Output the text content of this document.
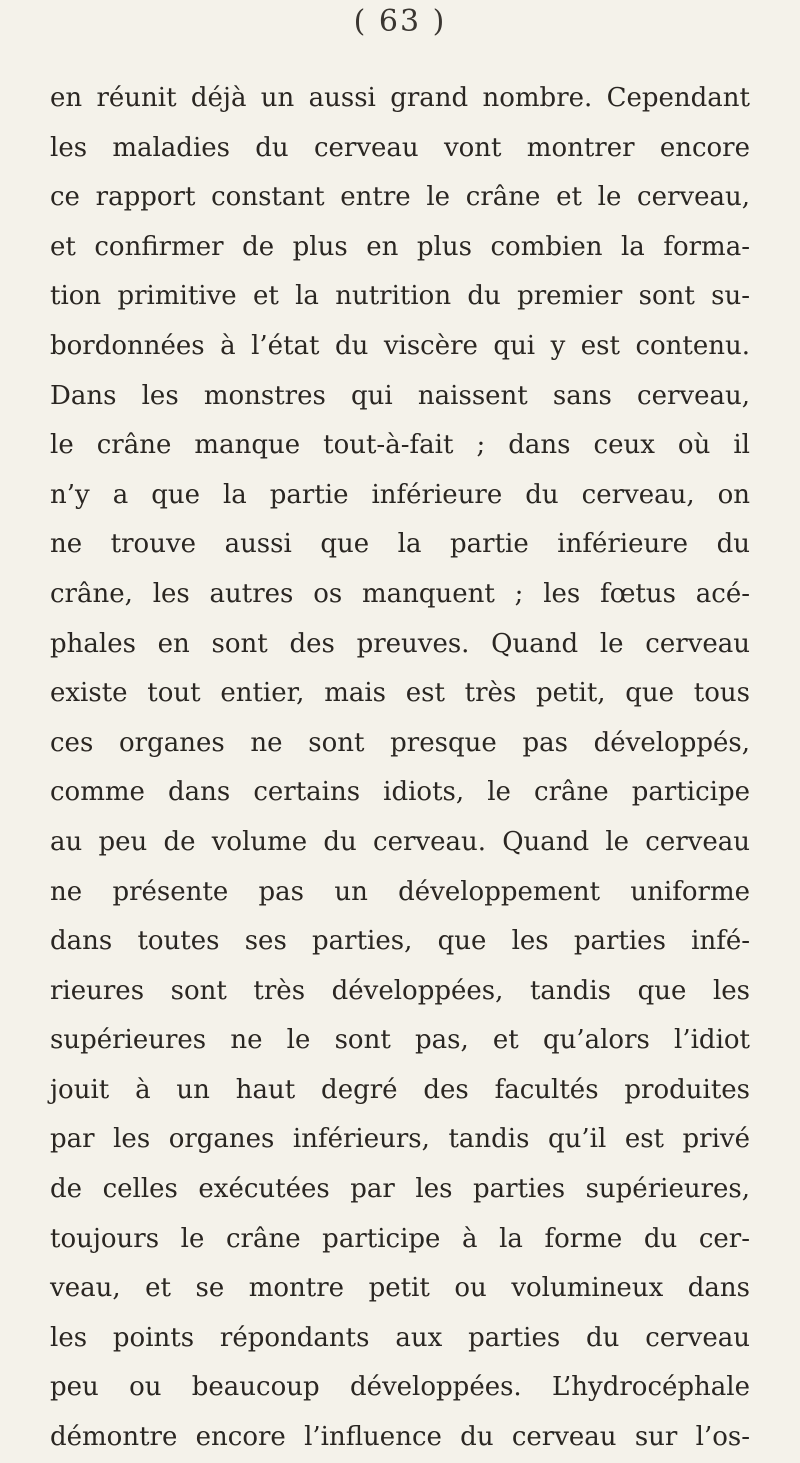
( 63 )
en réunit déjà un aussi grand nombre. Cependant
les maladies du cerveau vont montrer encore
ce rapport constant entre le crâne et le cerveau,
et confirmer de plus en plus combien la forma-
tion primitive et la nutrition du premier sont su-
bordonnées à l’état du viscère qui y est contenu.
Dans les monstres qui naissent sans cerveau,
le crâne manque tout-à-fait ; dans ceux où il
n’y a que la partie inférieure du cerveau, on
ne trouve aussi que la partie inférieure du
crâne, les autres os manquent ; les fœtus acé-
phales en sont des preuves. Quand le cerveau
existe tout entier, mais est très petit, que tous
ces organes ne sont presque pas développés,
comme dans certains idiots, le crâne participe
au peu de volume du cerveau. Quand le cerveau
ne présente pas un développement uniforme
dans toutes ses parties, que les parties infé-
rieures sont très développées, tandis que les
supérieures ne le sont pas, et qu’alors l’idiot
jouit à un haut degré des facultés produites
par les organes inférieurs, tandis qu’il est privé
de celles exécutées par les parties supérieures,
toujours le crâne participe à la forme du cer-
veau, et se montre petit ou volumineux dans
les points répondants aux parties du cerveau
peu ou beaucoup développées. L’hydrocéphale
démontre encore l’influence du cerveau sur l’os-
